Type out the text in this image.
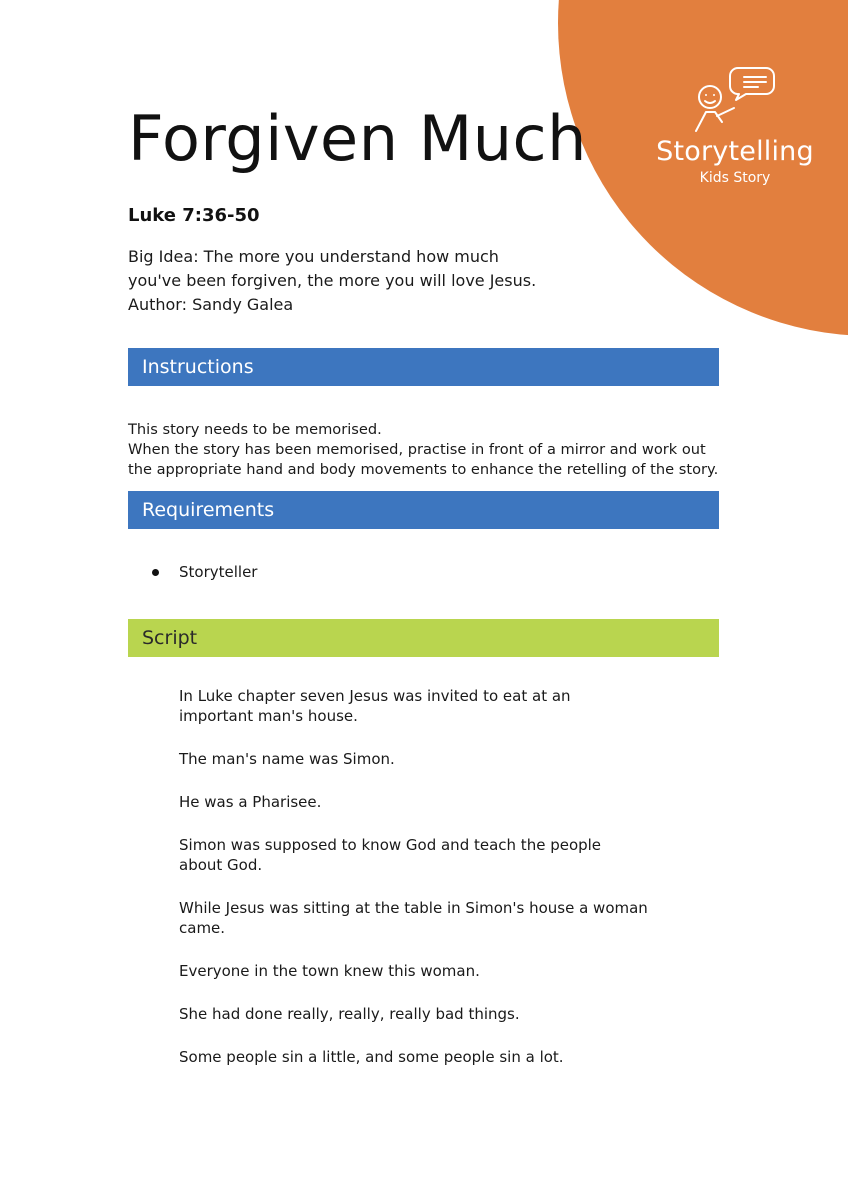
Storytelling
Kids Story
Forgiven Much
Luke 7:36-50
Big Idea: The more you understand how much
you've been forgiven, the more you will love Jesus.
Author: Sandy Galea
Instructions
This story needs to be memorised.
When the story has been memorised, practise in front of a mirror and work out
the appropriate hand and body movements to enhance the retelling of the story.
Requirements
Storyteller
Script

In Luke chapter seven Jesus was invited to eat at an important man's house.

The man's name was Simon.

He was a Pharisee.

Simon was supposed to know God and teach the people about God.

While Jesus was sitting at the table in Simon's house a woman came.

Everyone in the town knew this woman.

She had done really, really, really bad things.

Some people sin a little, and some people sin a lot.
